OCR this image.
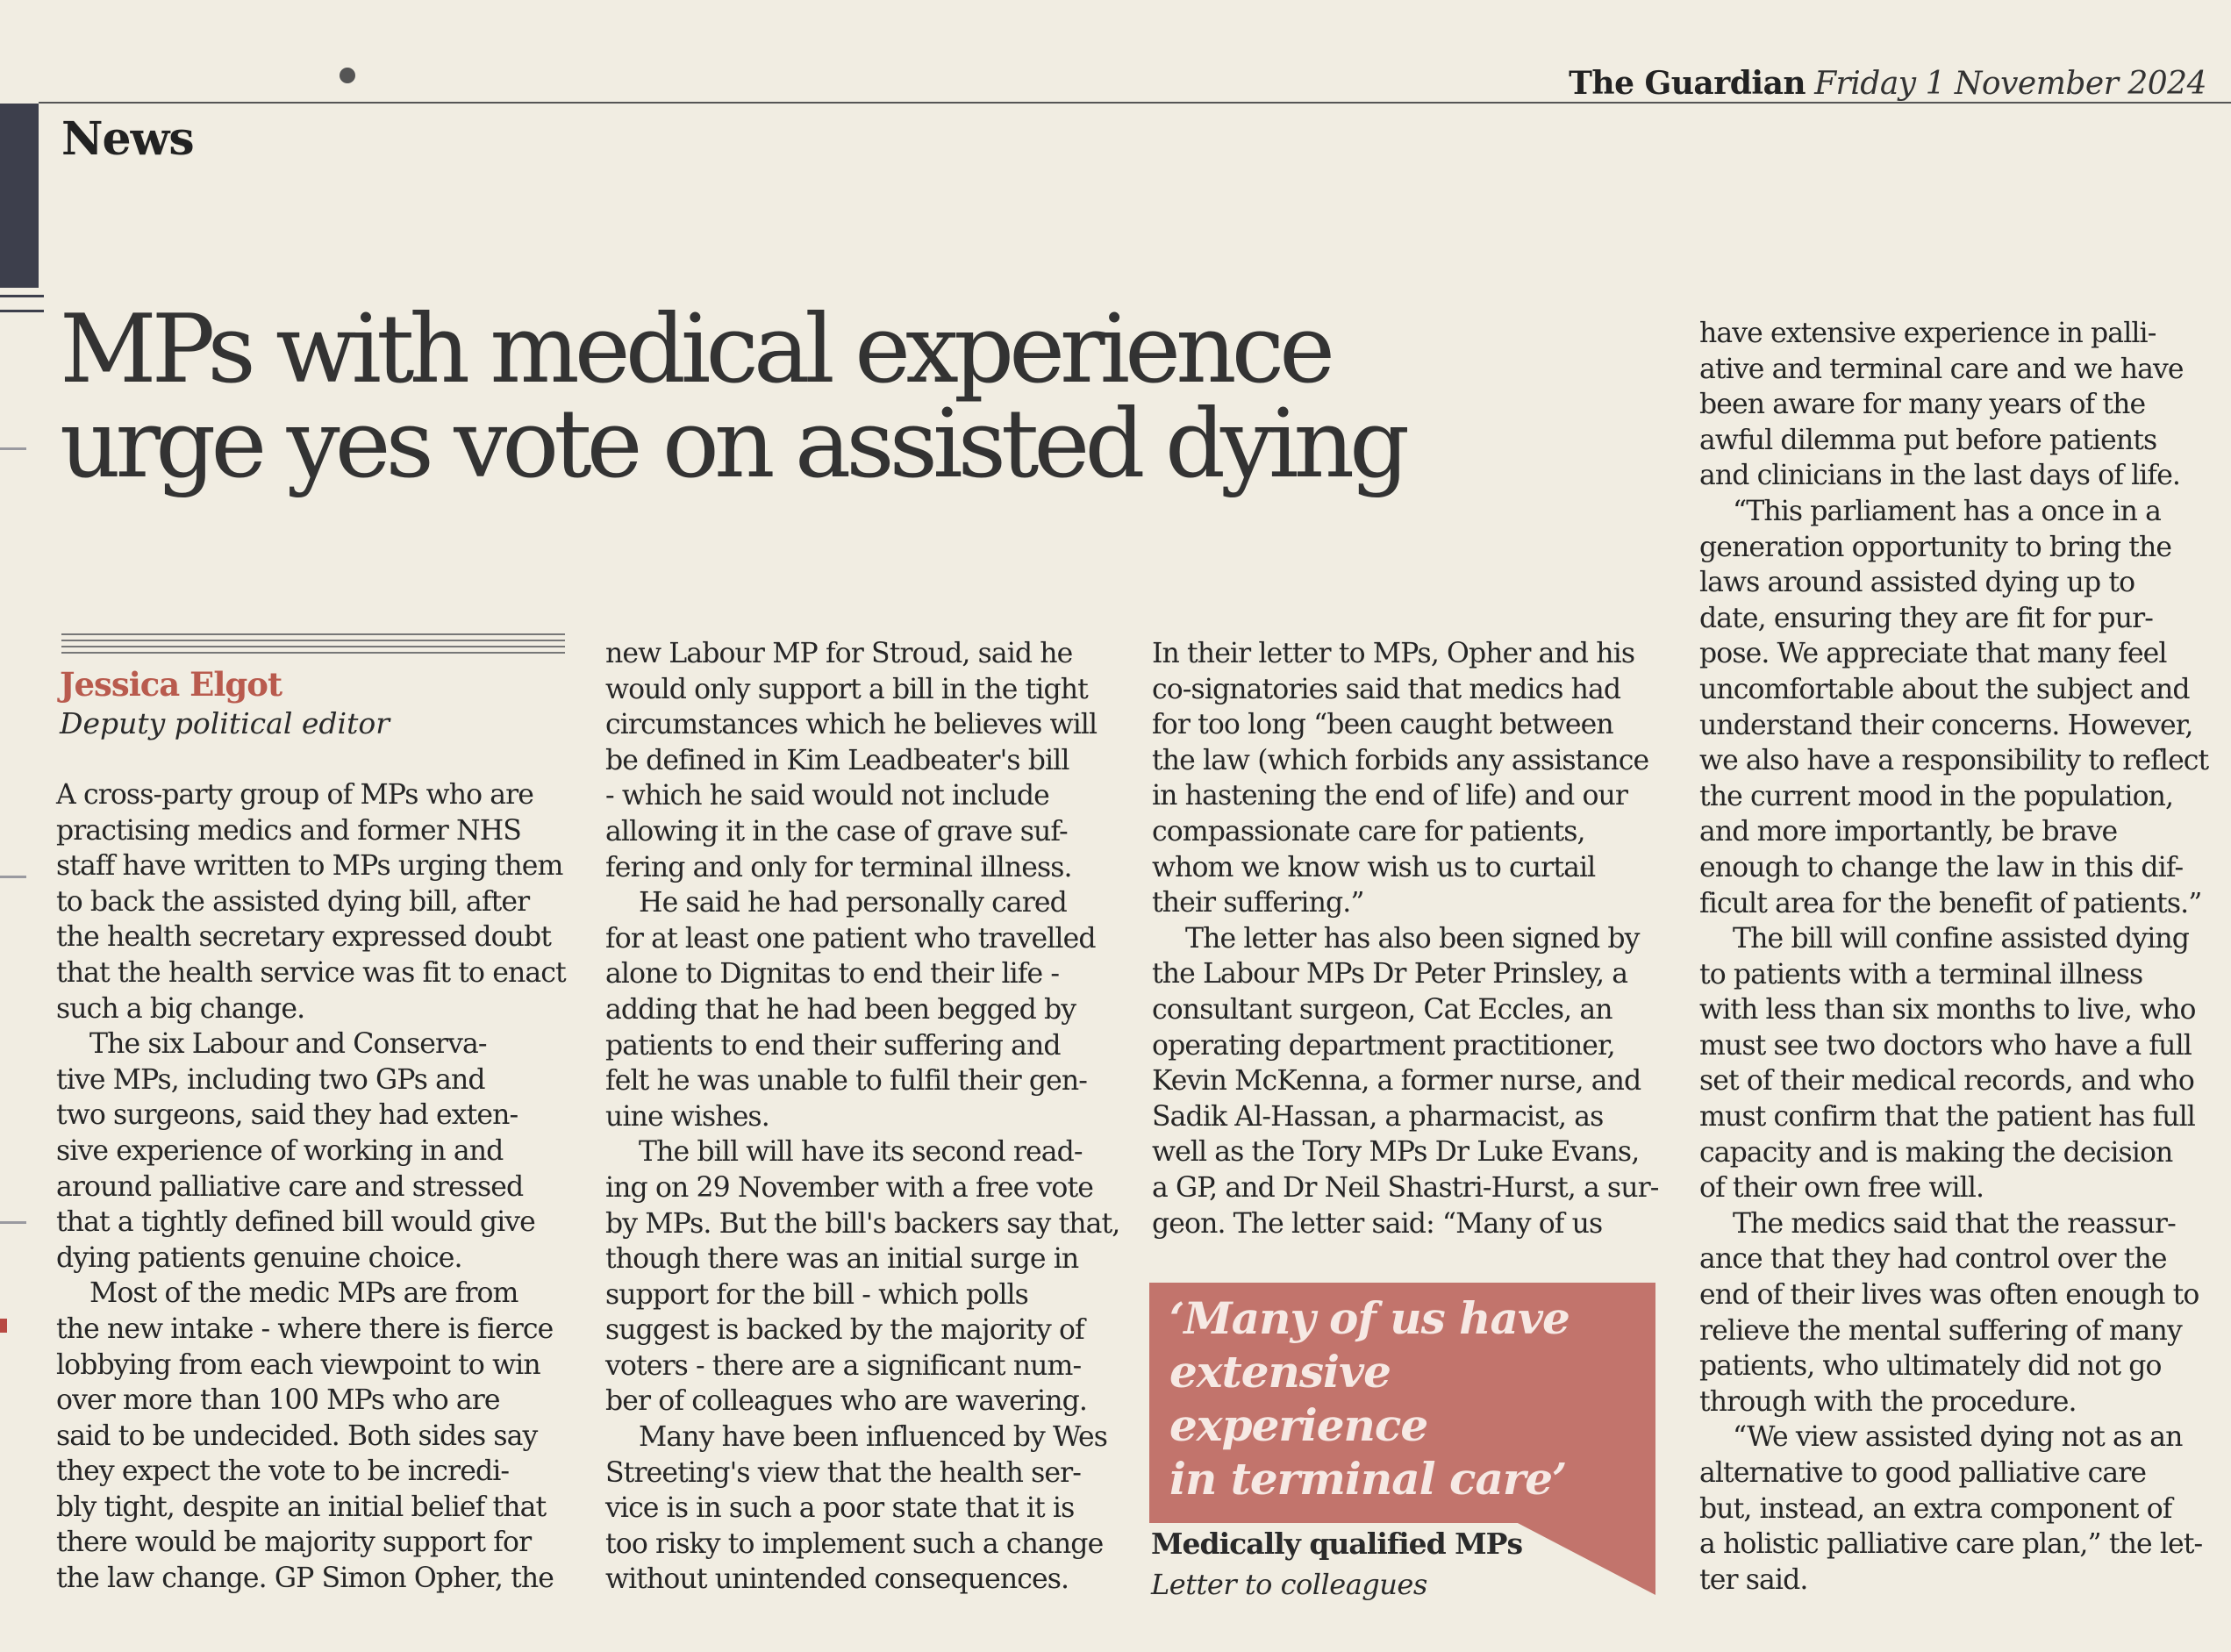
The Guardian Friday 1 November 2024
News
MPs with medical experience
urge yes vote on assisted dying
Jessica Elgot
Deputy political editor

A cross-party group of MPs who are

practising medics and former NHS

staff have written to MPs urging them

to back the assisted dying bill, after

the health secretary expressed doubt

that the health service was fit to enact

such a big change.

The six Labour and Conserva-

tive MPs, including two GPs and

two surgeons, said they had exten-

sive experience of working in and

around palliative care and stressed

that a tightly defined bill would give

dying patients genuine choice.

Most of the medic MPs are from

the new intake - where there is fierce

lobbying from each viewpoint to win

over more than 100 MPs who are

said to be undecided. Both sides say

they expect the vote to be incredi-

bly tight, despite an initial belief that

there would be majority support for

the law change. GP Simon Opher, the

new Labour MP for Stroud, said he

would only support a bill in the tight

circumstances which he believes will

be defined in Kim Leadbeater's bill

- which he said would not include

allowing it in the case of grave suf-

fering and only for terminal illness.

He said he had personally cared

for at least one patient who travelled

alone to Dignitas to end their life -

adding that he had been begged by

patients to end their suffering and

felt he was unable to fulfil their gen-

uine wishes.

The bill will have its second read-

ing on 29 November with a free vote

by MPs. But the bill's backers say that,

though there was an initial surge in

support for the bill - which polls

suggest is backed by the majority of

voters - there are a significant num-

ber of colleagues who are wavering.

Many have been influenced by Wes

Streeting's view that the health ser-

vice is in such a poor state that it is

too risky to implement such a change

without unintended consequences.

In their letter to MPs, Opher and his

co-signatories said that medics had

for too long “been caught between

the law (which forbids any assistance

in hastening the end of life) and our

compassionate care for patients,

whom we know wish us to curtail

their suffering.”

The letter has also been signed by

the Labour MPs Dr Peter Prinsley, a

consultant surgeon, Cat Eccles, an

operating department practitioner,

Kevin McKenna, a former nurse, and

Sadik Al-Hassan, a pharmacist, as

well as the Tory MPs Dr Luke Evans,

a GP, and Dr Neil Shastri-Hurst, a sur-

geon. The letter said: “Many of us

have extensive experience in palli-

ative and terminal care and we have

been aware for many years of the

awful dilemma put before patients

and clinicians in the last days of life.

“This parliament has a once in a

generation opportunity to bring the

laws around assisted dying up to

date, ensuring they are fit for pur-

pose. We appreciate that many feel

uncomfortable about the subject and

understand their concerns. However,

we also have a responsibility to reflect

the current mood in the population,

and more importantly, be brave

enough to change the law in this dif-

ficult area for the benefit of patients.”

The bill will confine assisted dying

to patients with a terminal illness

with less than six months to live, who

must see two doctors who have a full

set of their medical records, and who

must confirm that the patient has full

capacity and is making the decision

of their own free will.

The medics said that the reassur-

ance that they had control over the

end of their lives was often enough to

relieve the mental suffering of many

patients, who ultimately did not go

through with the procedure.

“We view assisted dying not as an

alternative to good palliative care

but, instead, an extra component of

a holistic palliative care plan,” the let-

ter said.

‘Many of us have
extensive experience
in terminal care’

Medically qualified MPs
Letter to colleagues
